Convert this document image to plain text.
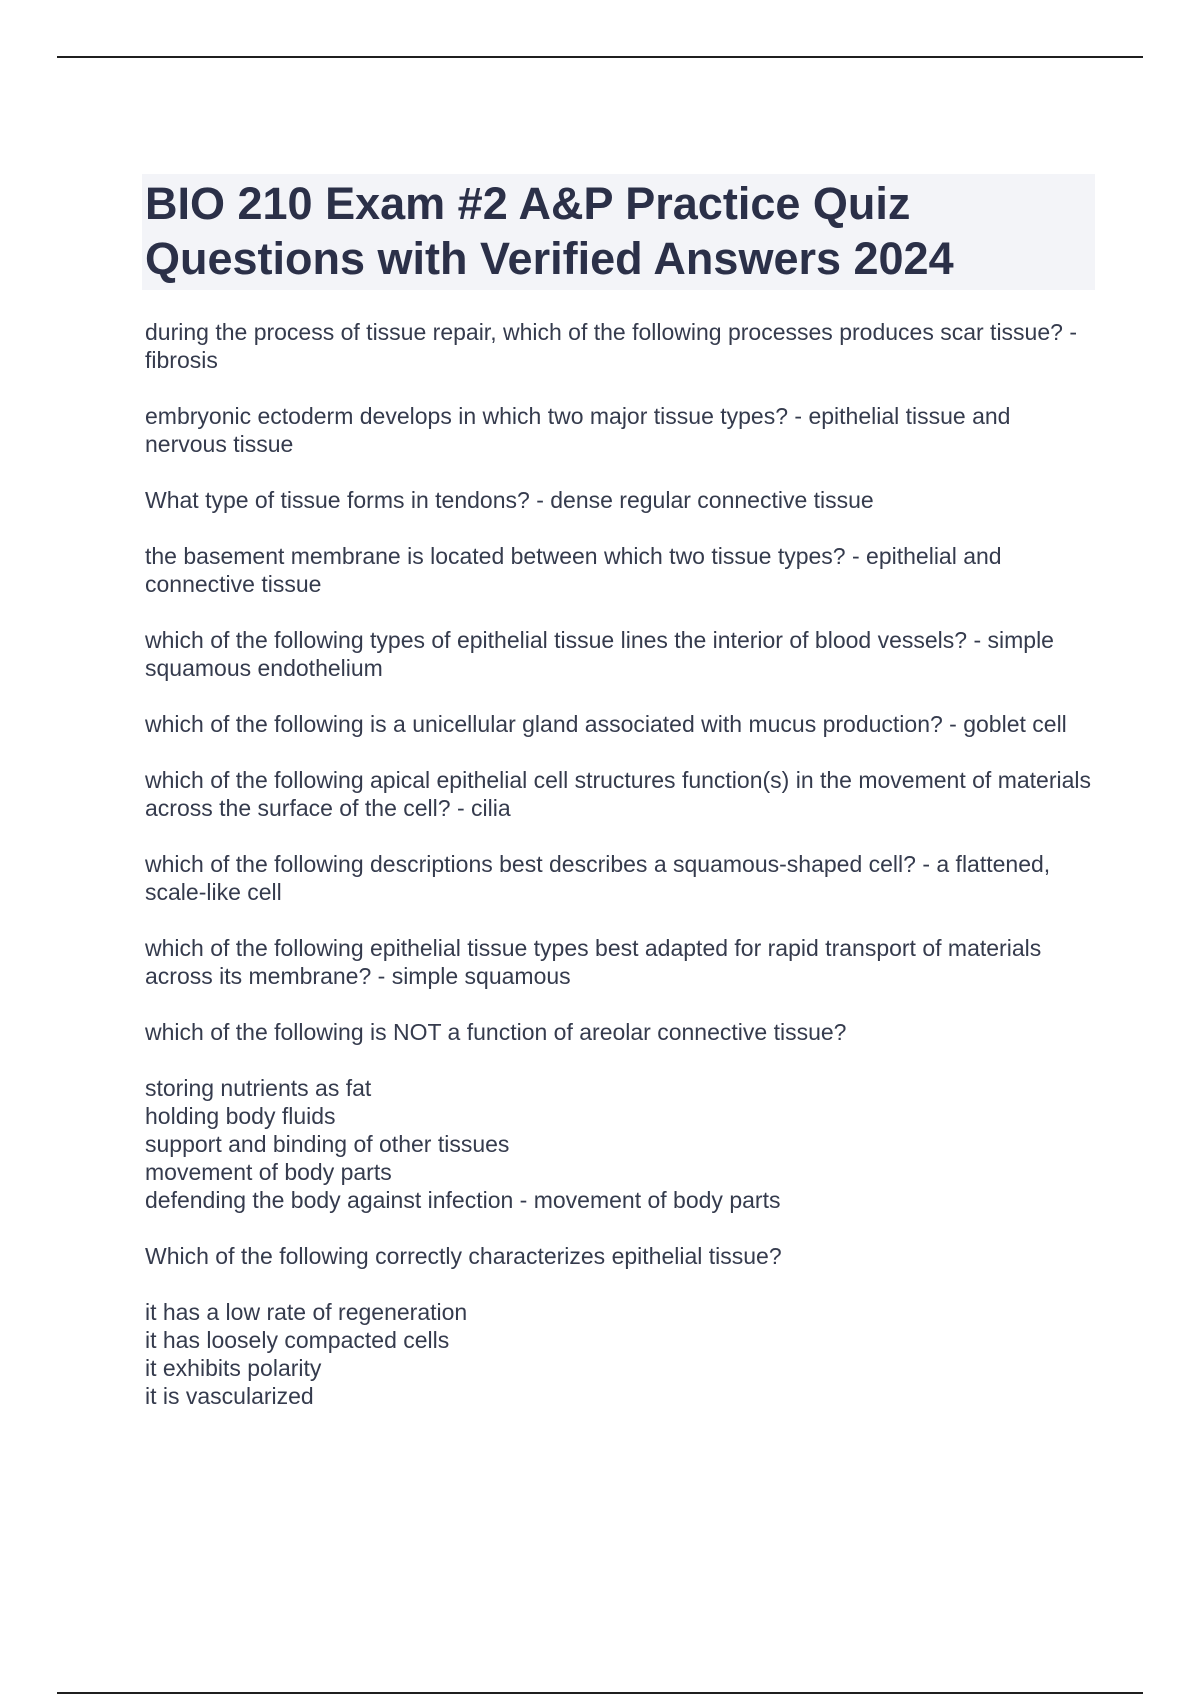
BIO 210 Exam #2 A&P Practice Quiz
Questions with Verified Answers 2024

during the process of tissue repair, which of the following processes produces scar tissue? - fibrosis

embryonic ectoderm develops in which two major tissue types? - epithelial tissue and nervous tissue

What type of tissue forms in tendons? - dense regular connective tissue

the basement membrane is located between which two tissue types? - epithelial and connective tissue

which of the following types of epithelial tissue lines the interior of blood vessels? - simple squamous endothelium

which of the following is a unicellular gland associated with mucus production? - goblet cell

which of the following apical epithelial cell structures function(s) in the movement of materials across the surface of the cell? - cilia

which of the following descriptions best describes a squamous-shaped cell? - a flattened, scale-like cell

which of the following epithelial tissue types best adapted for rapid transport of materials across its membrane? - simple squamous

which of the following is NOT a function of areolar connective tissue?

storing nutrients as fat
holding body fluids
support and binding of other tissues
movement of body parts
defending the body against infection - movement of body parts

Which of the following correctly characterizes epithelial tissue?

it has a low rate of regeneration
it has loosely compacted cells
it exhibits polarity
it is vascularized
